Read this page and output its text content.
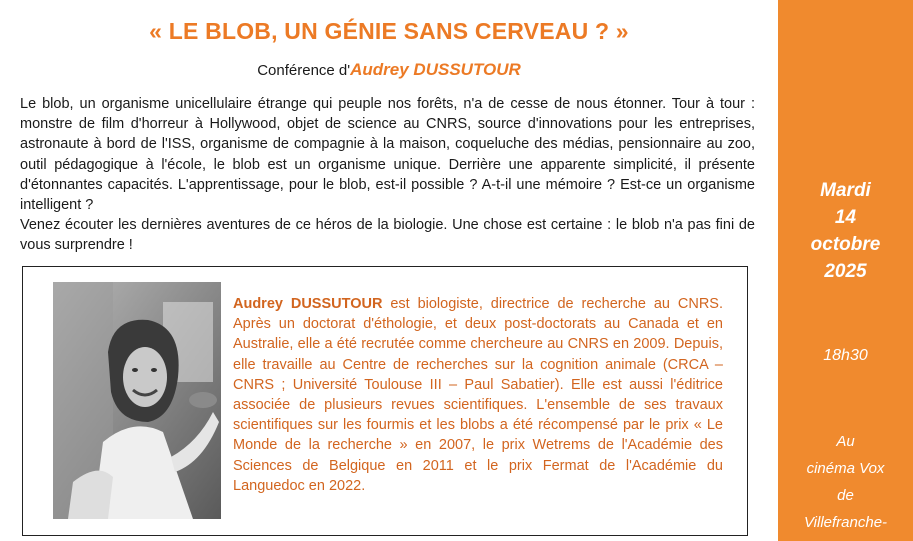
« LE BLOB, UN GÉNIE SANS CERVEAU ? »
Conférence d'Audrey DUSSUTOUR

Le blob, un organisme unicellulaire étrange qui peuple nos forêts, n'a de cesse de nous étonner. Tour à tour : monstre de film d'horreur à Hollywood, objet de science au CNRS, source d'innovations pour les entreprises, astronaute à bord de l'ISS, organisme de compagnie à la maison, coqueluche des médias, pensionnaire au zoo, outil pédagogique à l'école, le blob est un organisme unique. Derrière une apparente simplicité, il présente d'étonnantes capacités. L'apprentissage, pour le blob, est-il possible ? A-t-il une mémoire ? Est-ce un organisme intelligent ?

Venez écouter les dernières aventures de ce héros de la biologie. Une chose est certaine : le blob n'a pas fini de vous surprendre !

Audrey DUSSUTOUR est biologiste, directrice de recherche au CNRS. Après un doctorat d'éthologie, et deux post-doctorats au Canada et en Australie, elle a été recrutée comme chercheure au CNRS en 2009. Depuis, elle travaille au Centre de recherches sur la cognition animale (CRCA – CNRS ; Université Toulouse III – Paul Sabatier). Elle est aussi l'éditrice associée de plusieurs revues scientifiques. L'ensemble de ses travaux scientifiques sur les fourmis et les blobs a été récompensé par le prix « Le Monde de la recherche » en 2007, le prix Wetrems de l'Académie des Sciences de Belgique en 2011 et le prix Fermat de l'Académie du Languedoc en 2022.
Mardi
14
octobre
2025
18h30
Au
cinéma Vox
de
Villefranche-
